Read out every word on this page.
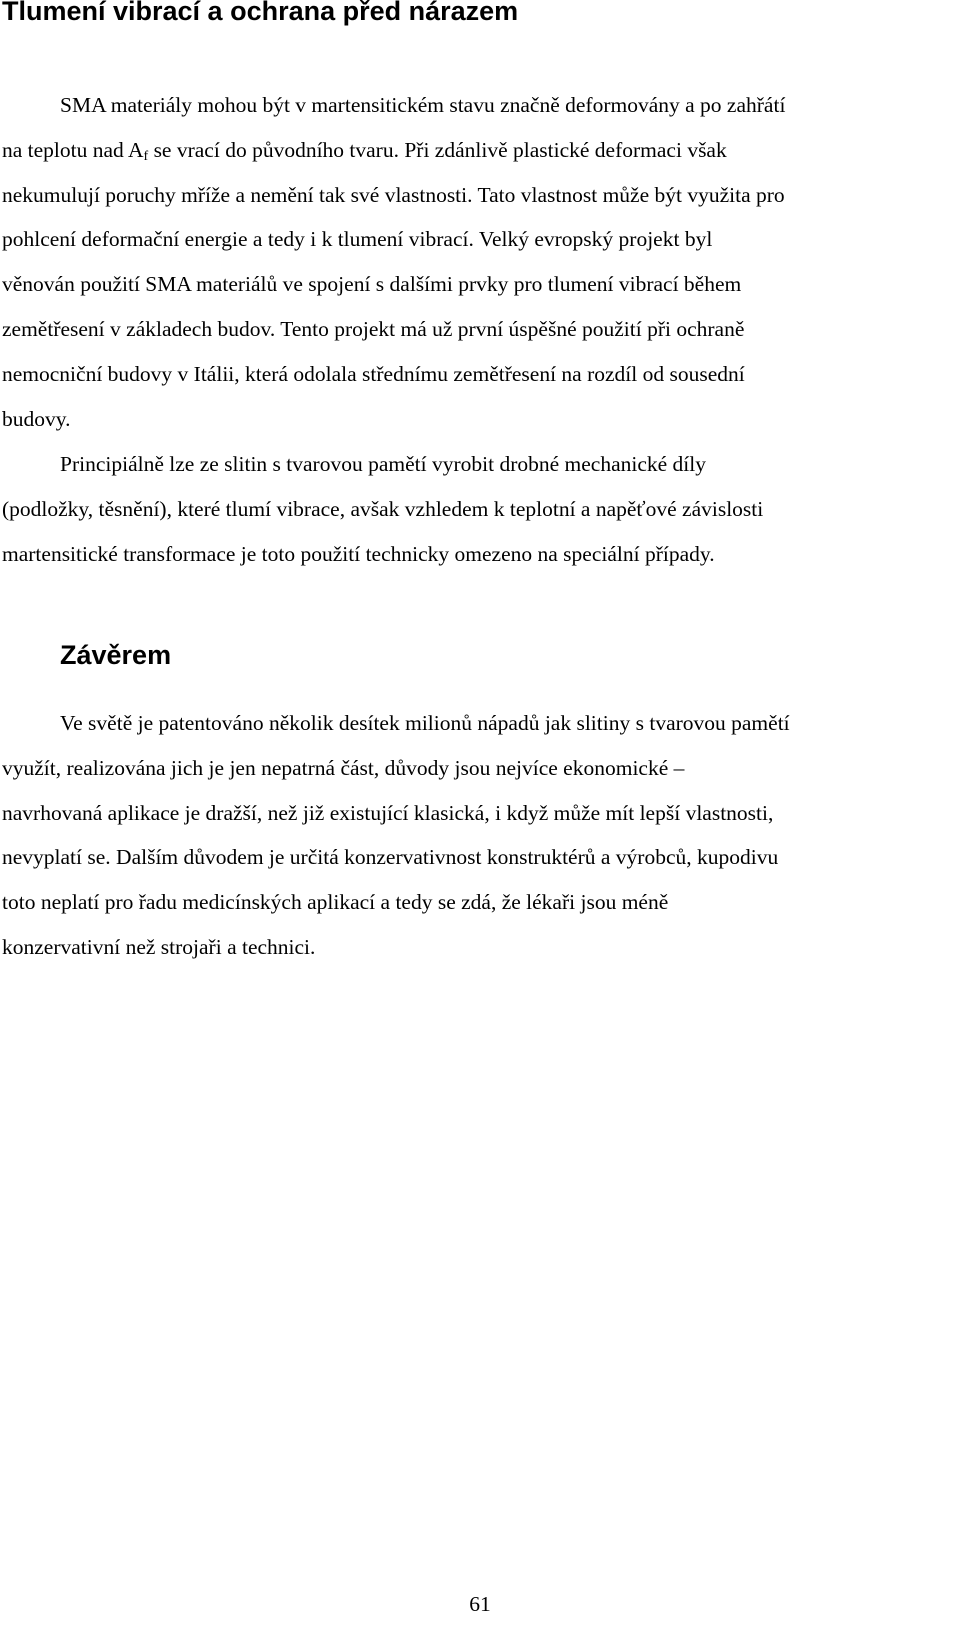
Tlumení vibrací a ochrana před nárazem
SMA materiály mohou být v martensitickém stavu značně deformovány a po zahřátí
na teplotu nad $A_f$ se vrací do původního tvaru. Při zdánlivě plastické deformaci však
nekumulují poruchy mříže a nemění tak své vlastnosti. Tato vlastnost může být využita pro
pohlcení deformační energie a tedy i k tlumení vibrací. Velký evropský projekt byl
věnován použití SMA materiálů ve spojení s dalšími prvky pro tlumení vibrací během
zemětřesení v základech budov. Tento projekt má už první úspěšné použití při ochraně
nemocniční budovy v Itálii, která odolala střednímu zemětřesení na rozdíl od sousední
budovy.
Principiálně lze ze slitin s tvarovou pamětí vyrobit drobné mechanické díly
(podložky, těsnění), které tlumí vibrace, avšak vzhledem k teplotní a napěťové závislosti
martensitické transformace je toto použití technicky omezeno na speciální případy.
Závěrem
Ve světě je patentováno několik desítek milionů nápadů jak slitiny s tvarovou pamětí
využít, realizována jich je jen nepatrná část, důvody jsou nejvíce ekonomické –
navrhovaná aplikace je dražší, než již existující klasická, i když může mít lepší vlastnosti,
nevyplatí se. Dalším důvodem je určitá konzervativnost konstruktérů a výrobců, kupodivu
toto neplatí pro řadu medicínských aplikací a tedy se zdá, že lékaři jsou méně
konzervativní než strojaři a technici.
61
